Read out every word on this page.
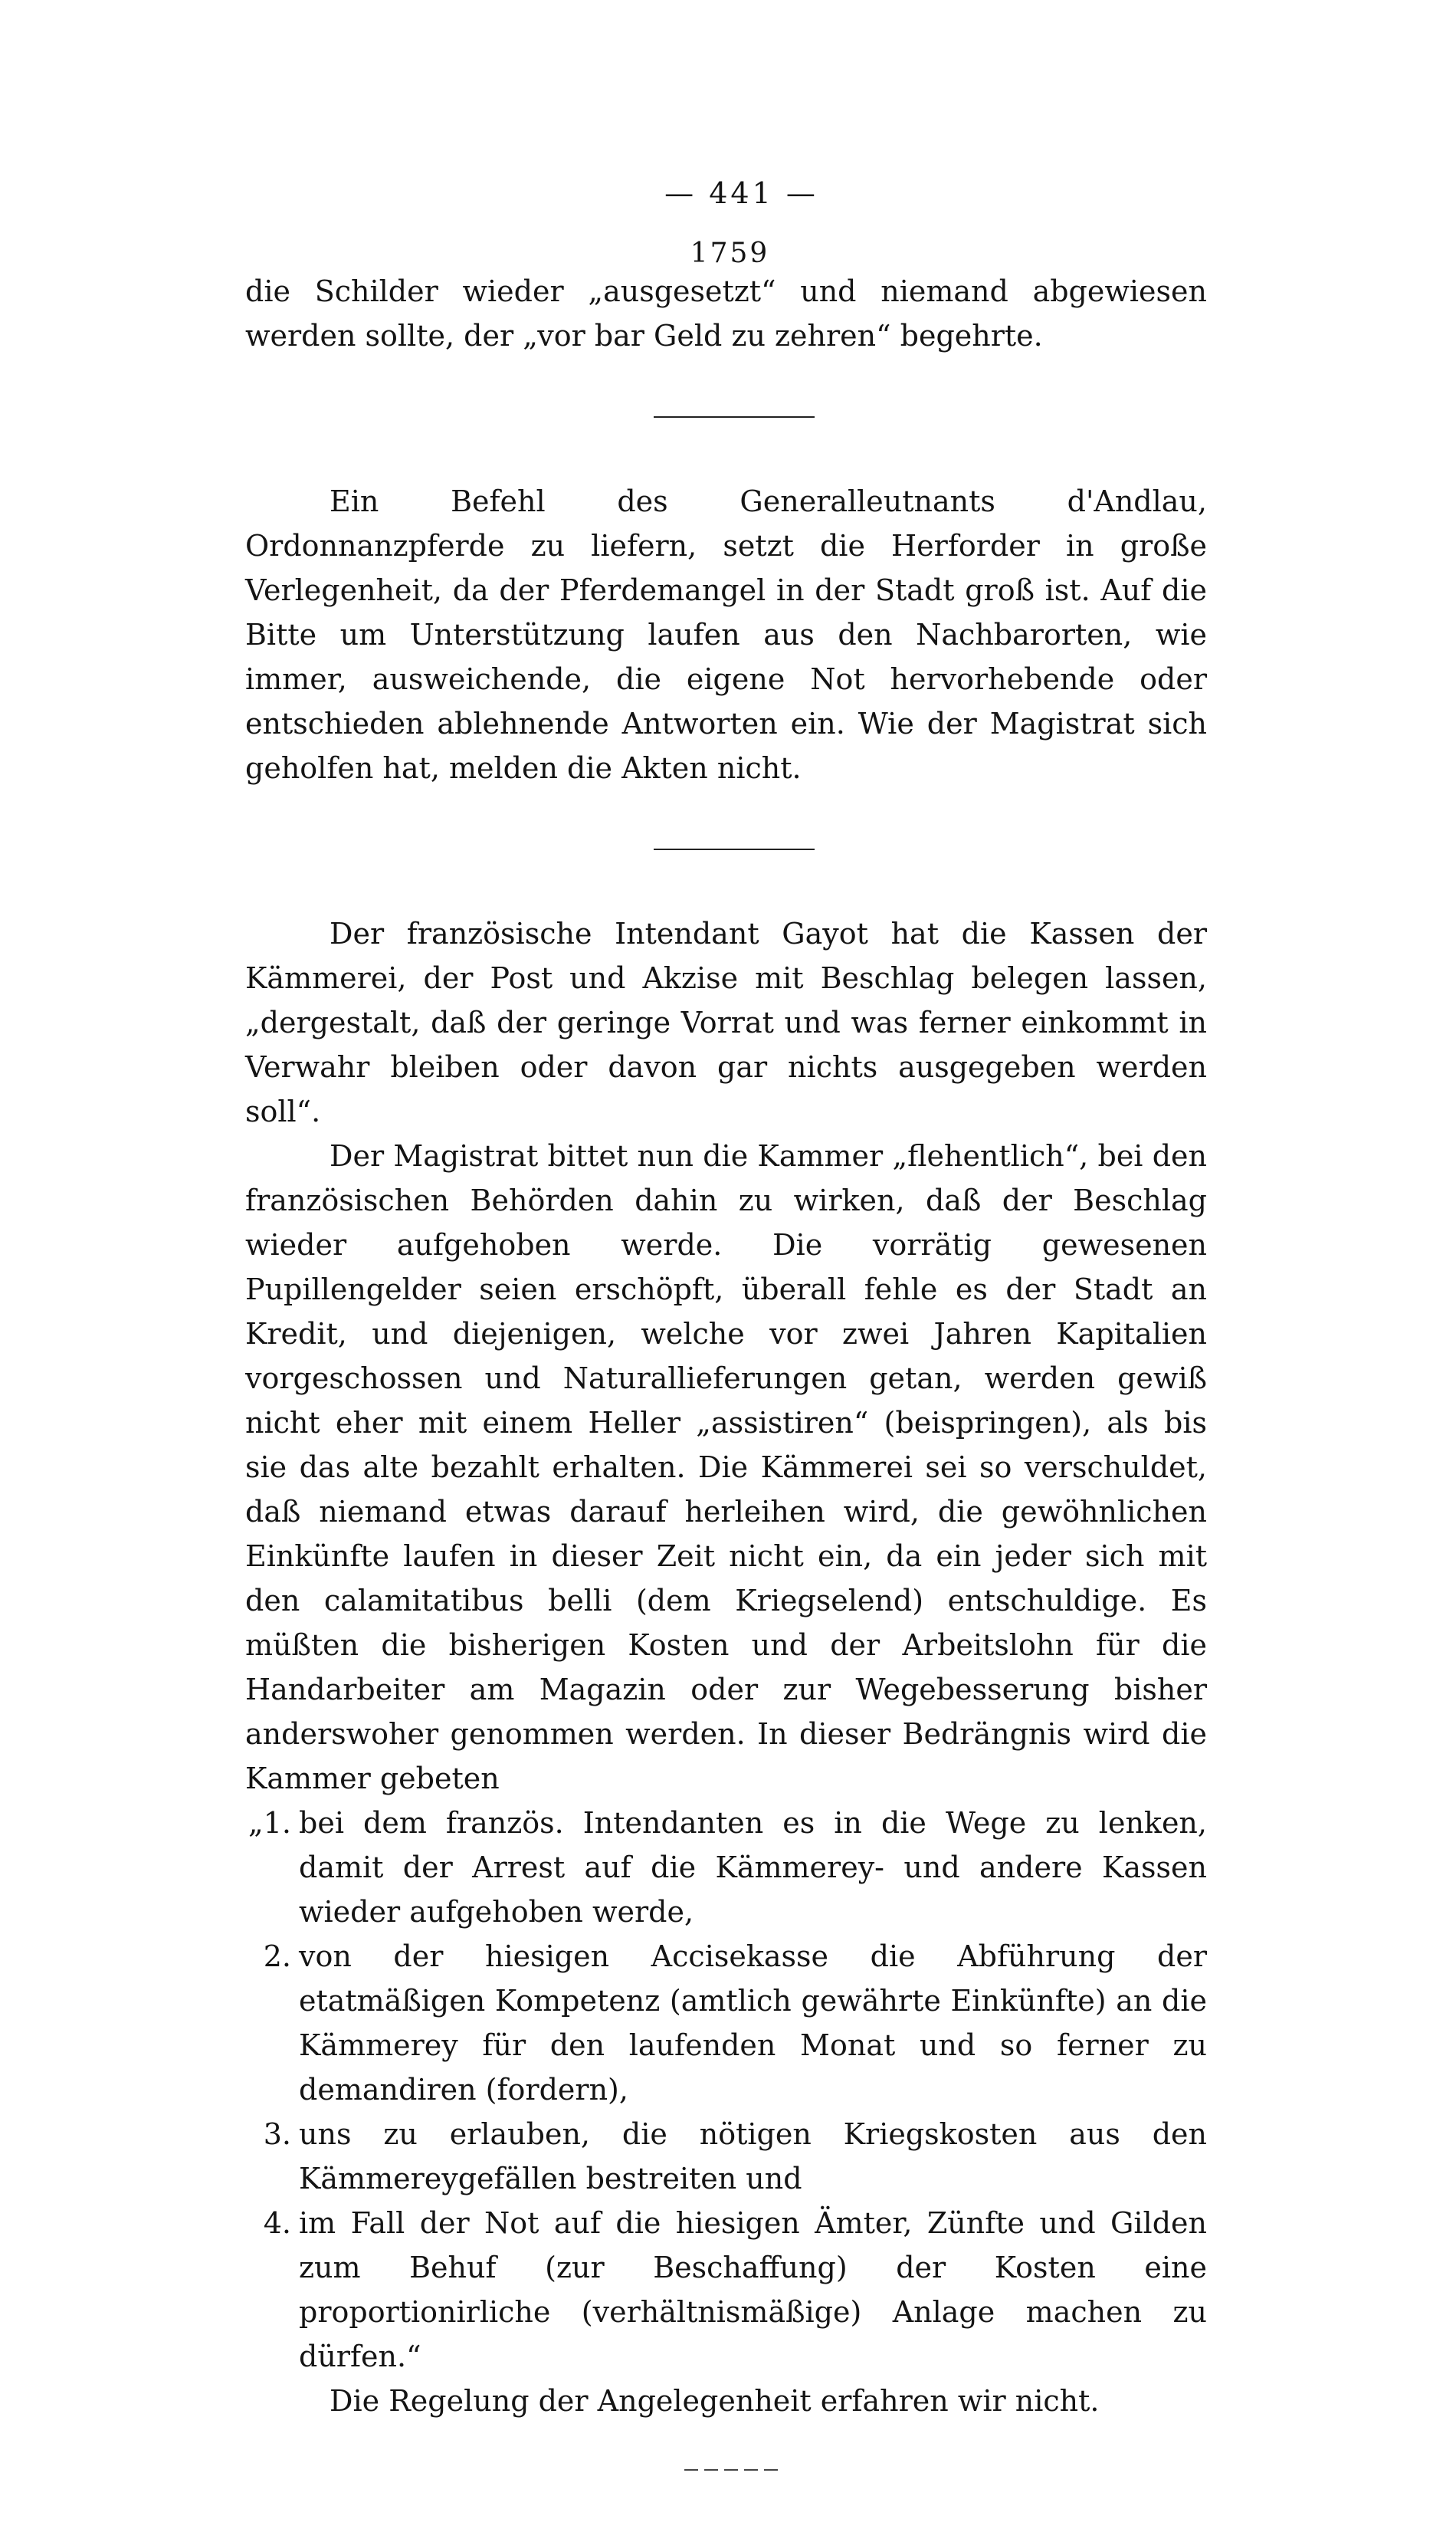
— 441 —
1759

die Schilder wieder „ausgesetzt“ und niemand abgewiesen werden sollte, der „vor bar Geld zu zehren“ begehrte.

Ein Befehl des Generalleutnants d'Andlau, Ordonnanzpferde zu liefern, setzt die Herforder in große Verlegenheit, da der Pferdemangel in der Stadt groß ist. Auf die Bitte um Unterstützung laufen aus den Nachbarorten, wie immer, ausweichende, die eigene Not hervorhebende oder entschieden ablehnende Antworten ein. Wie der Magistrat sich geholfen hat, melden die Akten nicht.

Der französische Intendant Gayot hat die Kassen der Kämmerei, der Post und Akzise mit Beschlag belegen lassen, „dergestalt, daß der geringe Vorrat und was ferner einkommt in Verwahr bleiben oder davon gar nichts ausgegeben werden soll“.

Der Magistrat bittet nun die Kammer „flehentlich“, bei den französischen Behörden dahin zu wirken, daß der Beschlag wieder aufgehoben werde. Die vorrätig gewesenen Pupillengelder seien erschöpft, überall fehle es der Stadt an Kredit, und diejenigen, welche vor zwei Jahren Kapitalien vorgeschossen und Naturallieferungen getan, werden gewiß nicht eher mit einem Heller „assistiren“ (beispringen), als bis sie das alte bezahlt erhalten. Die Kämmerei sei so verschuldet, daß niemand etwas darauf herleihen wird, die gewöhnlichen Einkünfte laufen in dieser Zeit nicht ein, da ein jeder sich mit den calamitatibus belli (dem Kriegselend) entschuldige. Es müßten die bisherigen Kosten und der Arbeitslohn für die Handarbeiter am Magazin oder zur Wegebesserung bisher anderswoher genommen werden. In dieser Bedrängnis wird die Kammer gebeten

„1. bei dem französ. Intendanten es in die Wege zu lenken, damit der Arrest auf die Kämmerey- und andere Kassen wieder aufgehoben werde,
2. von der hiesigen Accisekasse die Abführung der etatmäßigen Kompetenz (amtlich gewährte Einkünfte) an die Kämmerey für den laufenden Monat und so ferner zu demandiren (fordern),
3. uns zu erlauben, die nötigen Kriegskosten aus den Kämmereygefällen bestreiten und
4. im Fall der Not auf die hiesigen Ämter, Zünfte und Gilden zum Behuf (zur Beschaffung) der Kosten eine proportionirliche (verhältnismäßige) Anlage machen zu dürfen.“

Die Regelung der Angelegenheit erfahren wir nicht.
